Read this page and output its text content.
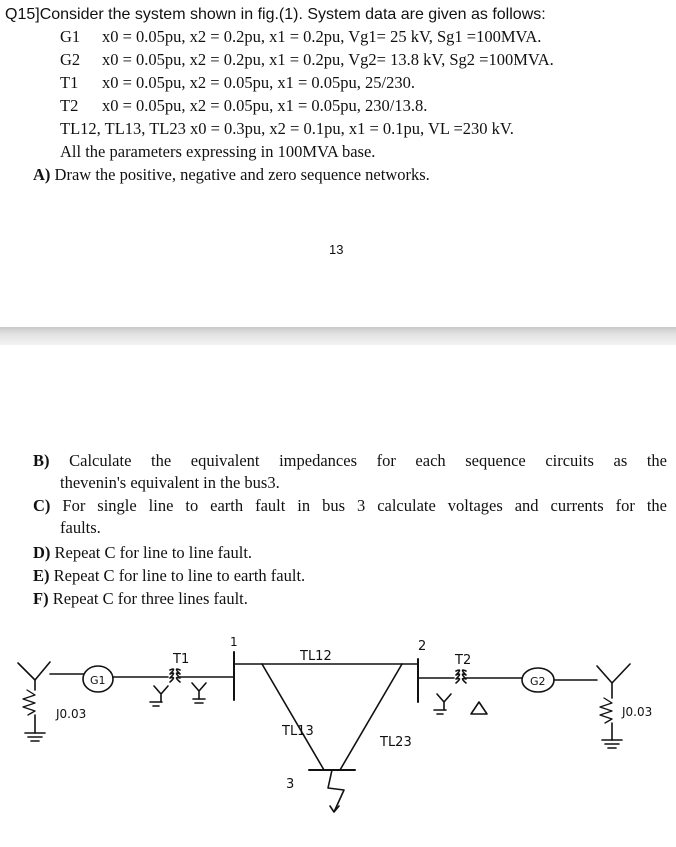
Q15]Consider the system shown in fig.(1). System data are given as follows:
G1 x0 = 0.05pu, x2 = 0.2pu, x1 = 0.2pu, Vg1= 25 kV, Sg1 =100MVA.
G2 x0 = 0.05pu, x2 = 0.2pu, x1 = 0.2pu, Vg2= 13.8 kV, Sg2 =100MVA.
T1 x0 = 0.05pu, x2 = 0.05pu, x1 = 0.05pu, 25/230.
T2 x0 = 0.05pu, x2 = 0.05pu, x1 = 0.05pu, 230/13.8.
TL12, TL13, TL23 x0 = 0.3pu, x2 = 0.1pu, x1 = 0.1pu, VL =230 kV.
All the parameters expressing in 100MVA base.
A) Draw the positive, negative and zero sequence networks.
13
B) Calculate the equivalent impedances for each sequence circuits as the
thevenin's equivalent in the bus3.
C) For single line to earth fault in bus 3 calculate voltages and currents for the
faults.
D) Repeat C for line to line fault.
E) Repeat C for line to line to earth fault.
F) Repeat C for three lines fault.
G1	G2
T1	T2
1	2
3
TL12
TL13
TL23
J0.03	J0.03
